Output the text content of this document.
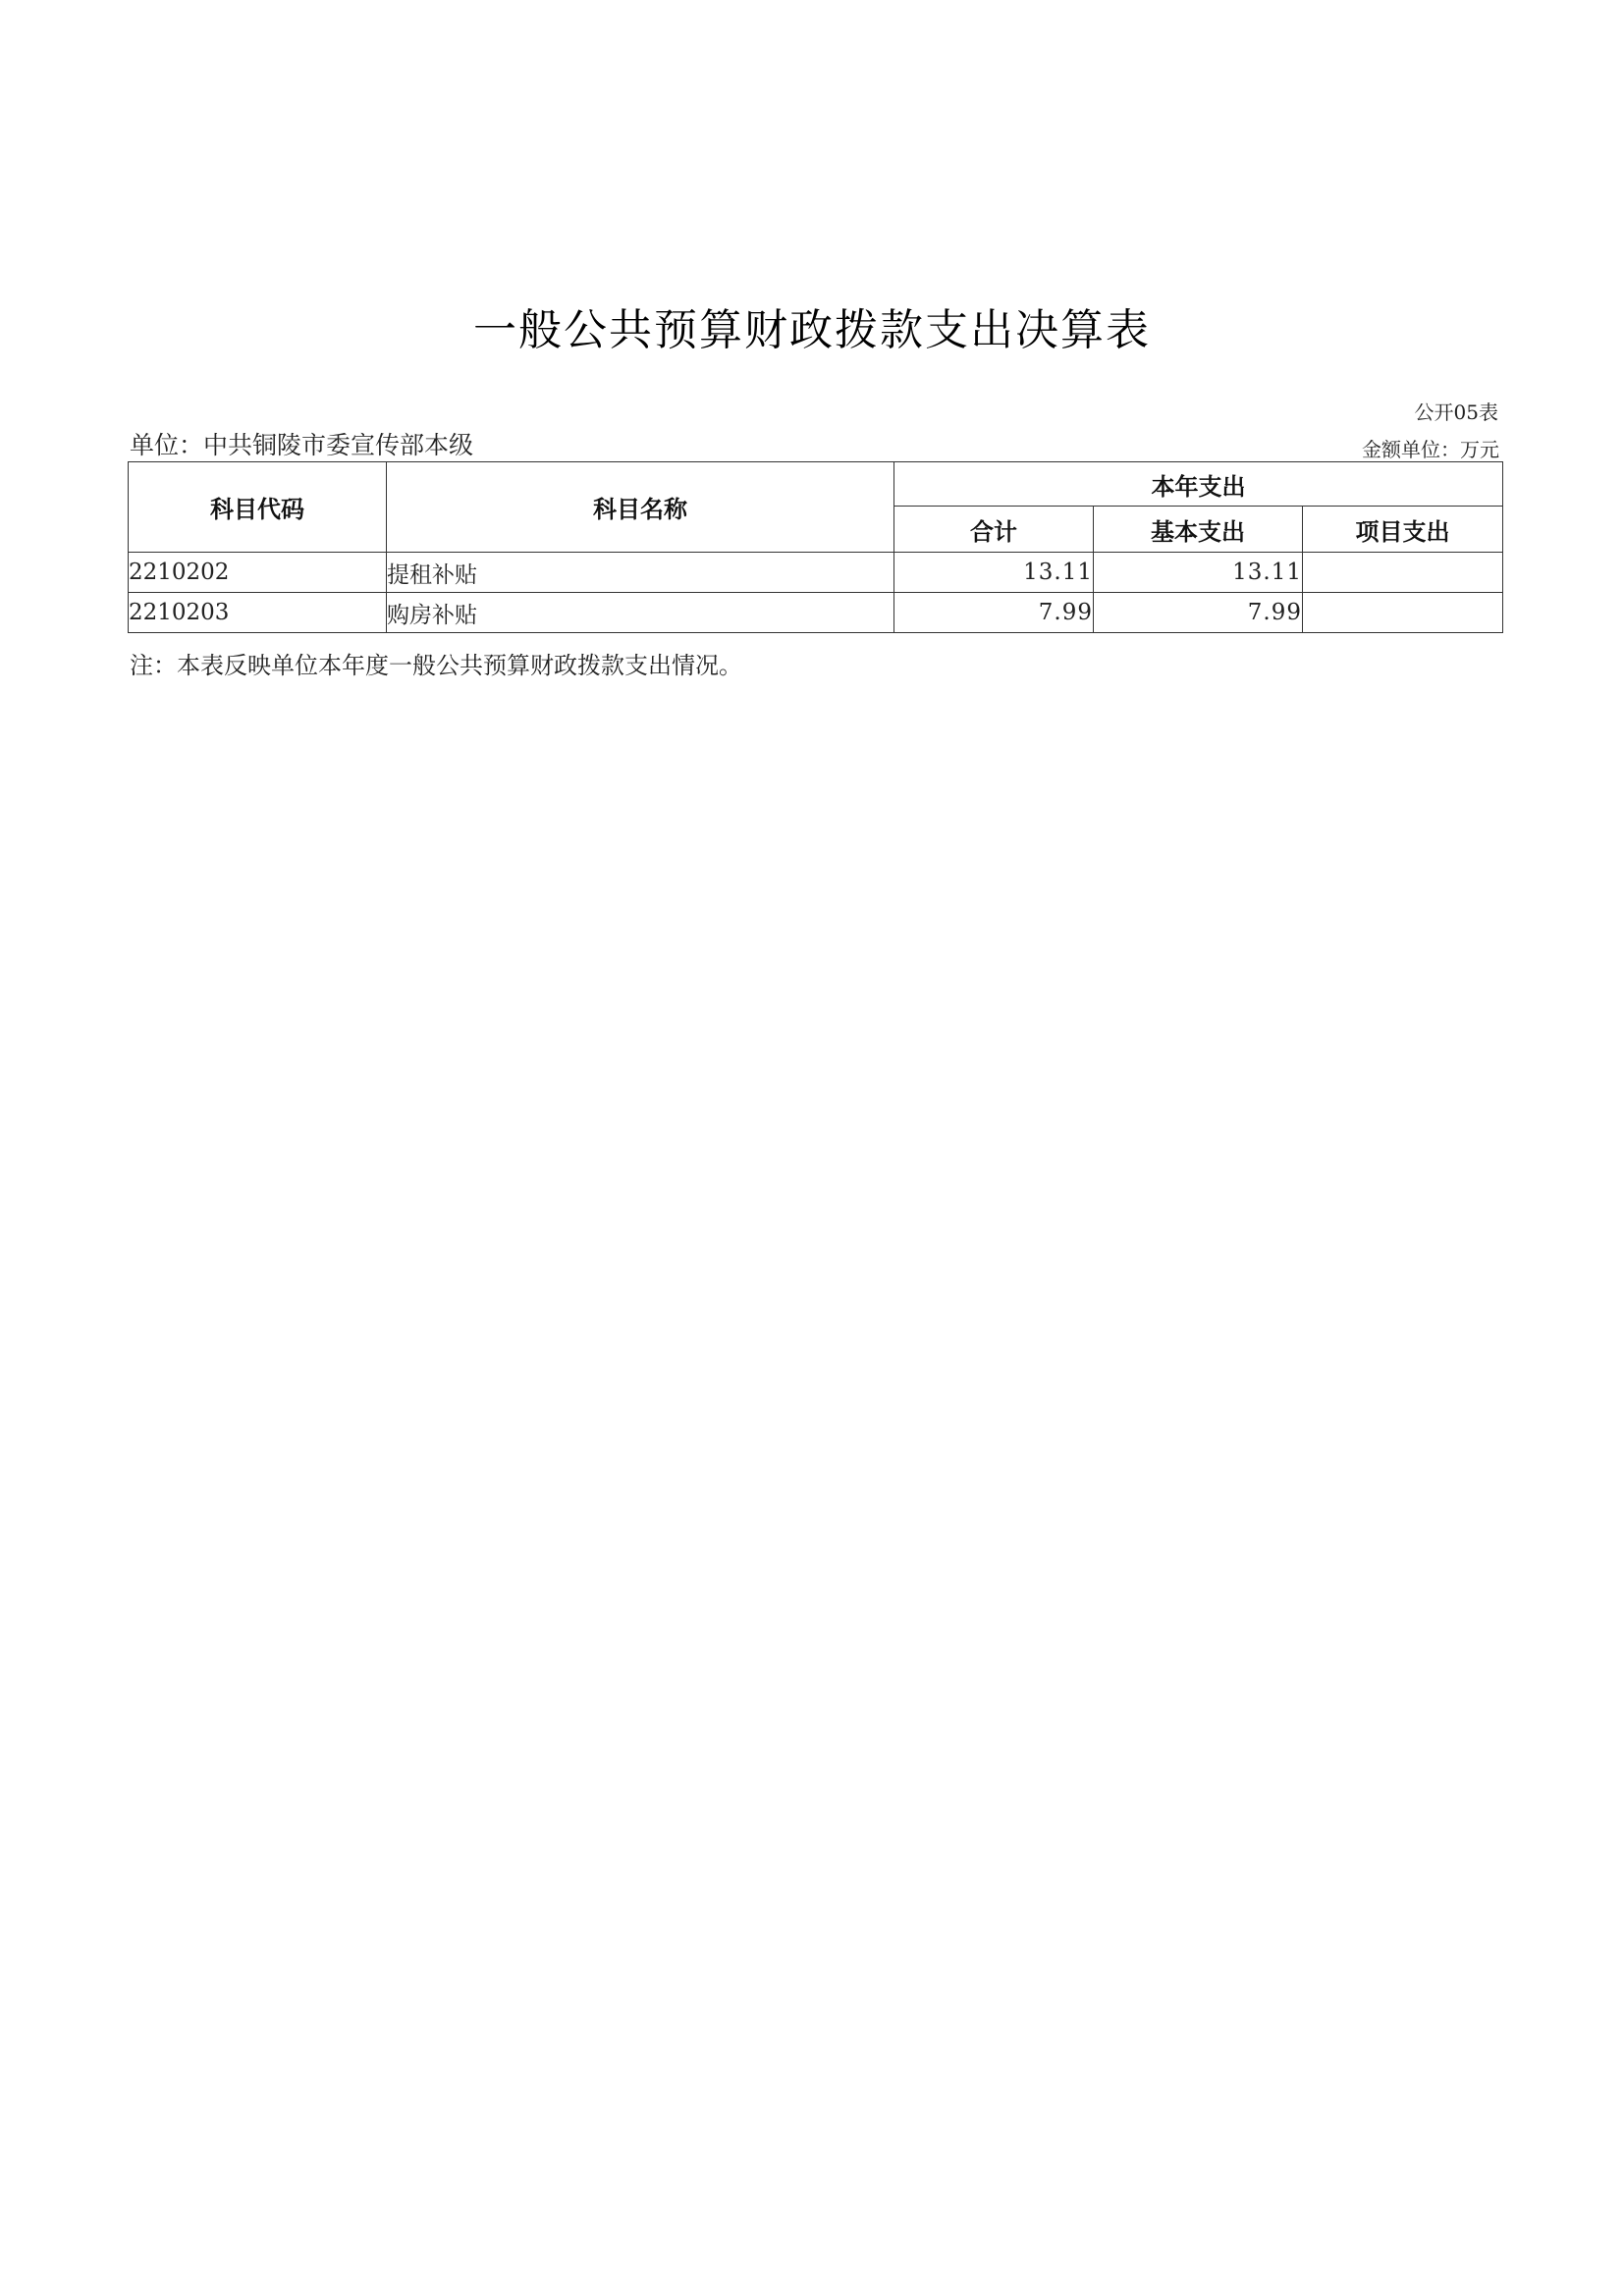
一般公共预算财政拨款支出决算表
公开05表
单位：中共铜陵市委宣传部本级	金额单位：万元
科目代码	科目名称	本年支出		
		合计	基本支出	项目支出
2210202	提租补贴	13.11	13.11	
2210203	购房补贴	7.99	7.99	
注：本表反映单位本年度一般公共预算财政拨款支出情况。
